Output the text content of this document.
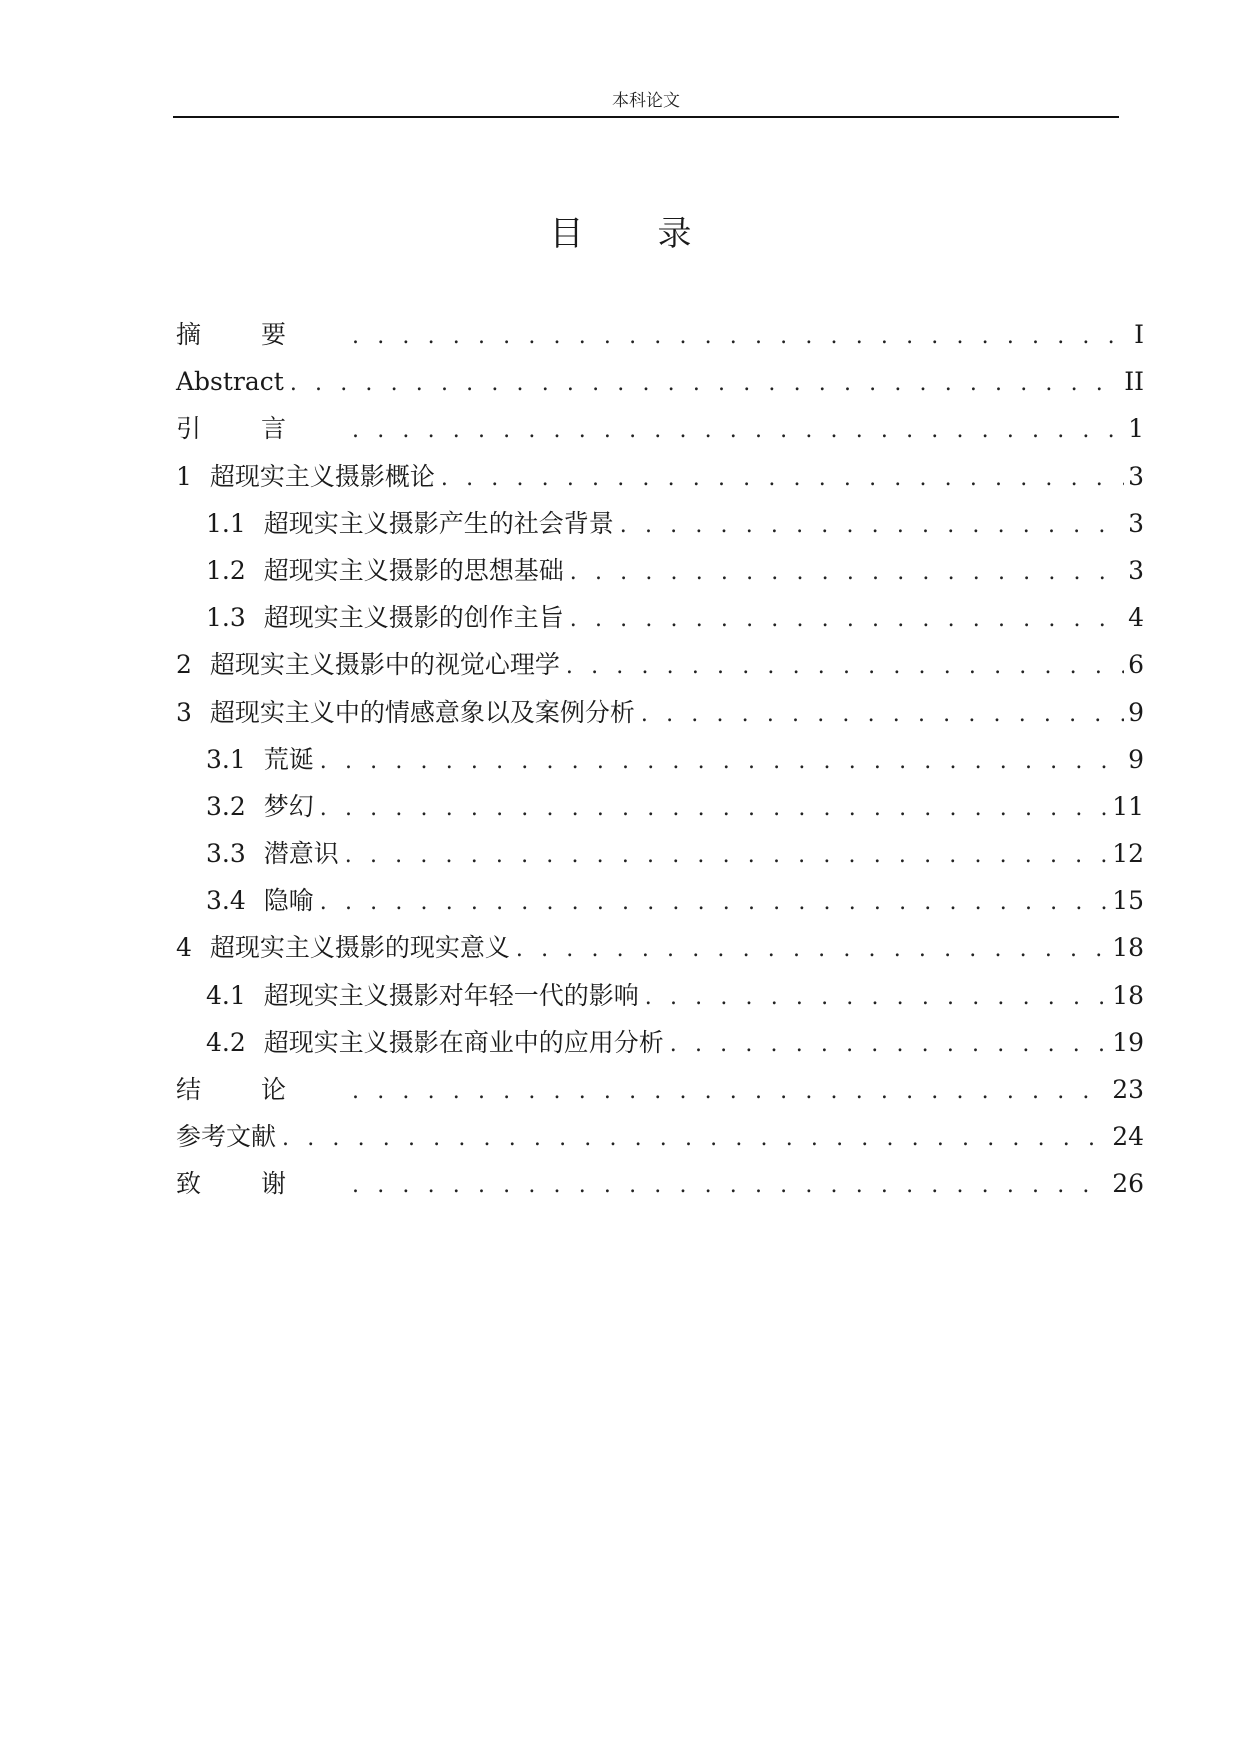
本科论文
目 录
摘要 . . .	I
Abstract . . .	II
引言 . . .	1
1 超现实主义摄影概论 . . .	3
1.1 超现实主义摄影产生的社会背景 . . .	3
1.2 超现实主义摄影的思想基础 . . .	3
1.3 超现实主义摄影的创作主旨 . . .	4
2 超现实主义摄影中的视觉心理学 . . .	6
3 超现实主义中的情感意象以及案例分析 . . .	9
3.1 荒诞 . . .	9
3.2 梦幻 . . .	11
3.3 潜意识 . . .	12
3.4 隐喻 . . .	15
4 超现实主义摄影的现实意义 . . .	18
4.1 超现实主义摄影对年轻一代的影响 . . .	18
4.2 超现实主义摄影在商业中的应用分析 . . .	19
结论 . . .	23
参考文献 . . .	24
致谢 . . .	26
